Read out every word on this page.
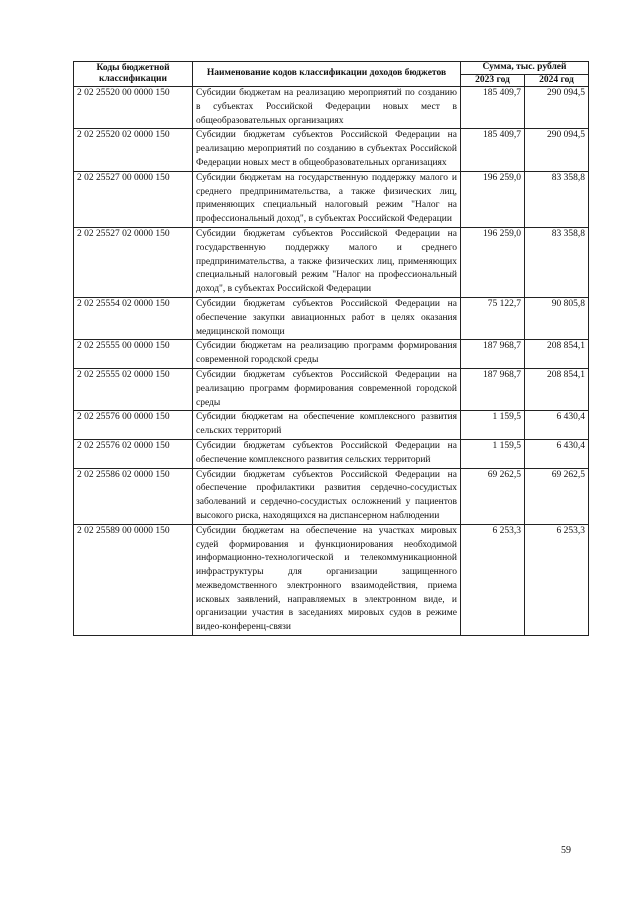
Коды бюджетной классификации	Наименование кодов классификации доходов бюджетов	Сумма, тыс. рублей	
		2023 год	2024 год
2 02 25520 00 0000 150	Субсидии бюджетам на реализацию мероприятий по созданию в субъектах Российской Федерации новых мест в общеобразовательных организациях	185 409,7	290 094,5
2 02 25520 02 0000 150	Субсидии бюджетам субъектов Российской Федерации на реализацию мероприятий по созданию в субъектах Российской Федерации новых мест в общеобразовательных организациях	185 409,7	290 094,5
2 02 25527 00 0000 150	Субсидии бюджетам на государственную поддержку малого и среднего предпринимательства, а также физических лиц, применяющих специальный налоговый режим "Налог на профессиональный доход", в субъектах Российской Федерации	196 259,0	83 358,8
2 02 25527 02 0000 150	Субсидии бюджетам субъектов Российской Федерации на государственную поддержку малого и среднего предпринимательства, а также физических лиц, применяющих специальный налоговый режим "Налог на профессиональный доход", в субъектах Российской Федерации	196 259,0	83 358,8
2 02 25554 02 0000 150	Субсидии бюджетам субъектов Российской Федерации на обеспечение закупки авиационных работ в целях оказания медицинской помощи	75 122,7	90 805,8
2 02 25555 00 0000 150	Субсидии бюджетам на реализацию программ формирования современной городской среды	187 968,7	208 854,1
2 02 25555 02 0000 150	Субсидии бюджетам субъектов Российской Федерации на реализацию программ формирования современной городской среды	187 968,7	208 854,1
2 02 25576 00 0000 150	Субсидии бюджетам на обеспечение комплексного развития сельских территорий	1 159,5	6 430,4
2 02 25576 02 0000 150	Субсидии бюджетам субъектов Российской Федерации на обеспечение комплексного развития сельских территорий	1 159,5	6 430,4
2 02 25586 02 0000 150	Субсидии бюджетам субъектов Российской Федерации на обеспечение профилактики развития сердечно-сосудистых заболеваний и сердечно-сосудистых осложнений у пациентов высокого риска, находящихся на диспансерном наблюдении	69 262,5	69 262,5
2 02 25589 00 0000 150	Субсидии бюджетам на обеспечение на участках мировых судей формирования и функционирования необходимой информационно-технологической и телекоммуникационной инфраструктуры для организации защищенного межведомственного электронного взаимодействия, приема исковых заявлений, направляемых в электронном виде, и организации участия в заседаниях мировых судов в режиме видео-конференц-связи	6 253,3	6 253,3
59
